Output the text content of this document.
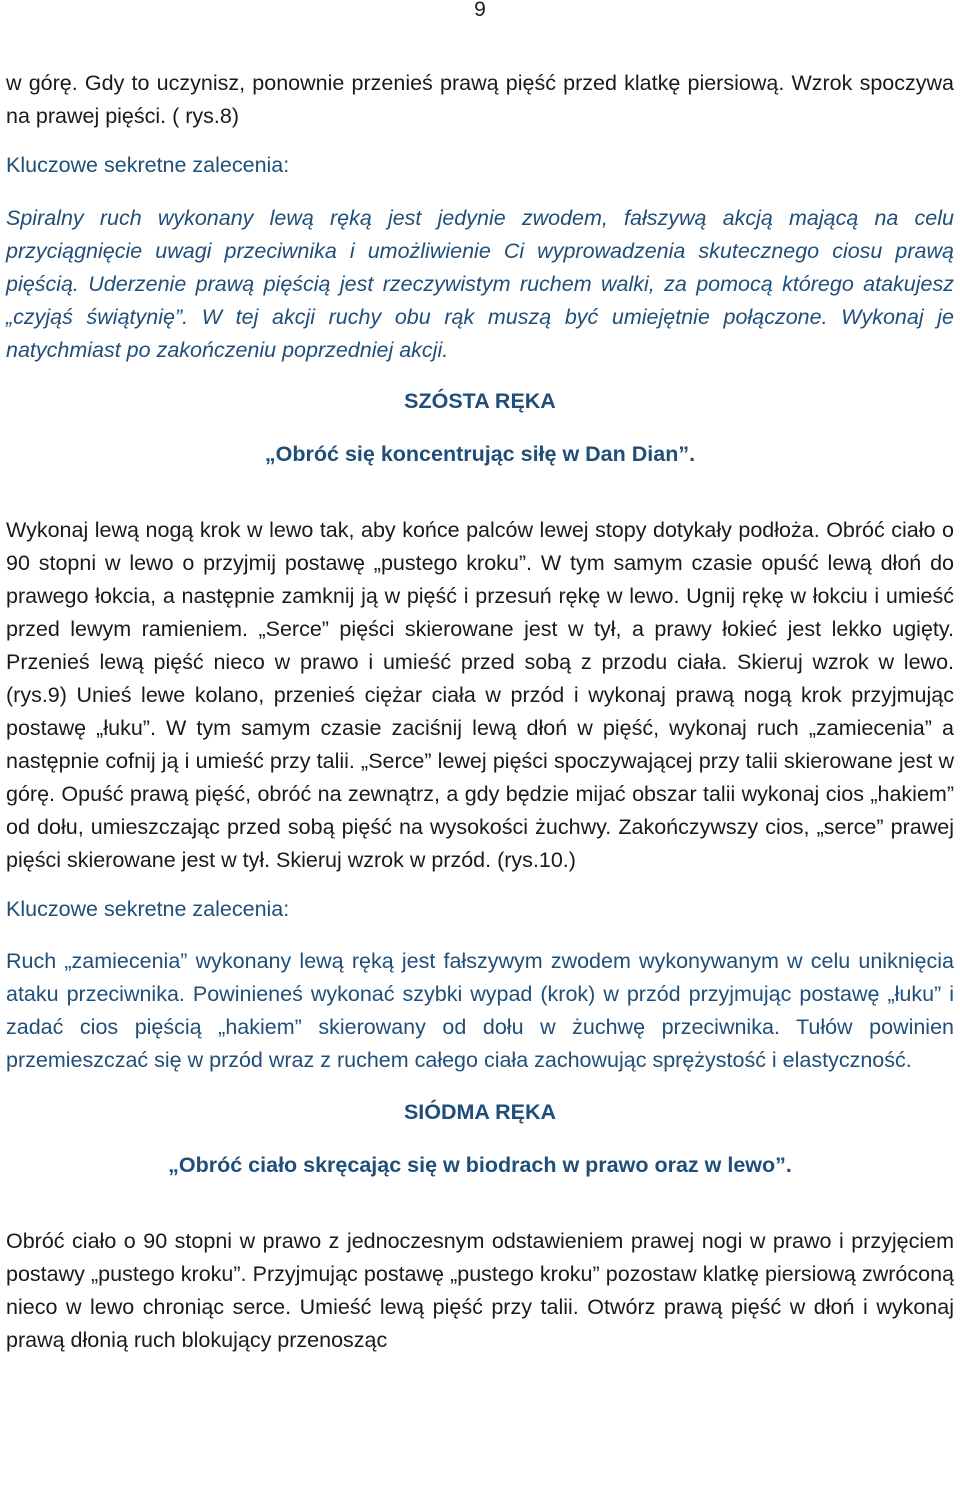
9

w górę. Gdy to uczynisz, ponownie przenieś prawą pięść przed klatkę piersiową. Wzrok spoczywa na prawej pięści. ( rys.8)

Kluczowe sekretne zalecenia:

Spiralny ruch wykonany lewą ręką jest jedynie zwodem, fałszywą akcją mającą na celu przyciągnięcie uwagi przeciwnika i umożliwienie Ci wyprowadzenia skutecznego ciosu prawą pięścią. Uderzenie prawą pięścią jest rzeczywistym ruchem walki, za pomocą którego atakujesz „czyjąś świątynię”. W tej akcji ruchy obu rąk muszą być umiejętnie połączone. Wykonaj je natychmiast po zakończeniu poprzedniej akcji.

SZÓSTA RĘKA

„Obróć się koncentrując siłę w Dan Dian”.

Wykonaj lewą nogą krok w lewo tak, aby końce palców lewej stopy dotykały podłoża. Obróć ciało o 90 stopni w lewo o przyjmij postawę „pustego kroku”. W tym samym czasie opuść lewą dłoń do prawego łokcia, a następnie zamknij ją w pięść i przesuń rękę w lewo. Ugnij rękę w łokciu i umieść przed lewym ramieniem. „Serce” pięści skierowane jest w tył, a prawy łokieć jest lekko ugięty. Przenieś lewą pięść nieco w prawo i umieść przed sobą z przodu ciała. Skieruj wzrok w lewo. (rys.9) Unieś lewe kolano, przenieś ciężar ciała w przód i wykonaj prawą nogą krok przyjmując postawę „łuku”. W tym samym czasie zaciśnij lewą dłoń w pięść, wykonaj ruch „zamiecenia” a następnie cofnij ją i umieść przy talii. „Serce” lewej pięści spoczywającej przy talii skierowane jest w górę. Opuść prawą pięść, obróć na zewnątrz, a gdy będzie mijać obszar talii wykonaj cios „hakiem” od dołu, umieszczając przed sobą pięść na wysokości żuchwy. Zakończywszy cios, „serce” prawej pięści skierowane jest w tył. Skieruj wzrok w przód. (rys.10.)

Kluczowe sekretne zalecenia:

Ruch „zamiecenia” wykonany lewą ręką jest fałszywym zwodem wykonywanym w celu uniknięcia ataku przeciwnika. Powinieneś wykonać szybki wypad (krok) w przód przyjmując postawę „łuku” i zadać cios pięścią „hakiem” skierowany od dołu w żuchwę przeciwnika. Tułów powinien przemieszczać się w przód wraz z ruchem całego ciała zachowując sprężystość i elastyczność.

SIÓDMA RĘKA

„Obróć ciało skręcając się w biodrach w prawo oraz w lewo”.

Obróć ciało o 90 stopni w prawo z jednoczesnym odstawieniem prawej nogi w prawo i przyjęciem postawy „pustego kroku”. Przyjmując postawę „pustego kroku” pozostaw klatkę piersiową zwróconą nieco w lewo chroniąc serce. Umieść lewą pięść przy talii. Otwórz prawą pięść w dłoń i wykonaj prawą dłonią ruch blokujący przenosząc
